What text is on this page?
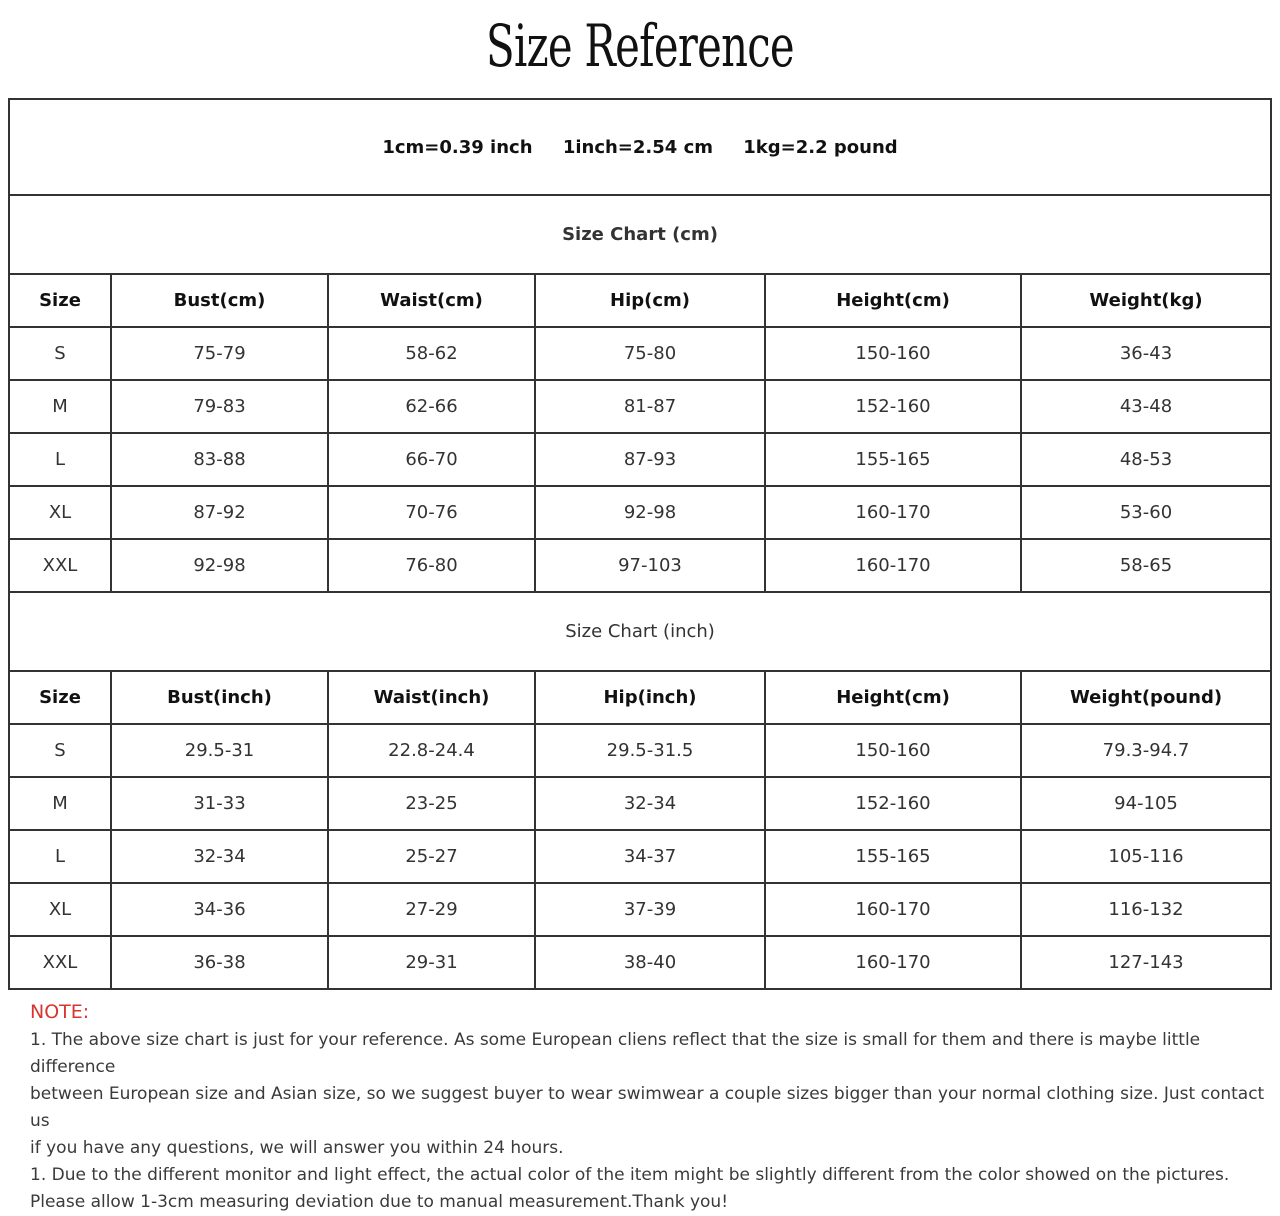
Size Reference
1cm=0.39 inch 1inch=2.54 cm 1kg=2.2 pound					
Size Chart (cm)					
Size	Bust(cm)	Waist(cm)	Hip(cm)	Height(cm)	Weight(kg)
S	75-79	58-62	75-80	150-160	36-43
M	79-83	62-66	81-87	152-160	43-48
L	83-88	66-70	87-93	155-165	48-53
XL	87-92	70-76	92-98	160-170	53-60
XXL	92-98	76-80	97-103	160-170	58-65
Size Chart (inch)					
Size	Bust(inch)	Waist(inch)	Hip(inch)	Height(cm)	Weight(pound)
S	29.5-31	22.8-24.4	29.5-31.5	150-160	79.3-94.7
M	31-33	23-25	32-34	152-160	94-105
L	32-34	25-27	34-37	155-165	105-116
XL	34-36	27-29	37-39	160-170	116-132
XXL	36-38	29-31	38-40	160-170	127-143
NOTE:
1. The above size chart is just for your reference. As some European cliens reflect that the size is small for them and there is maybe little difference
between European size and Asian size, so we suggest buyer to wear swimwear a couple sizes bigger than your normal clothing size. Just contact us
if you have any questions, we will answer you within 24 hours.
1. Due to the different monitor and light effect, the actual color of the item might be slightly different from the color showed on the pictures.
Please allow 1-3cm measuring deviation due to manual measurement.Thank you!
